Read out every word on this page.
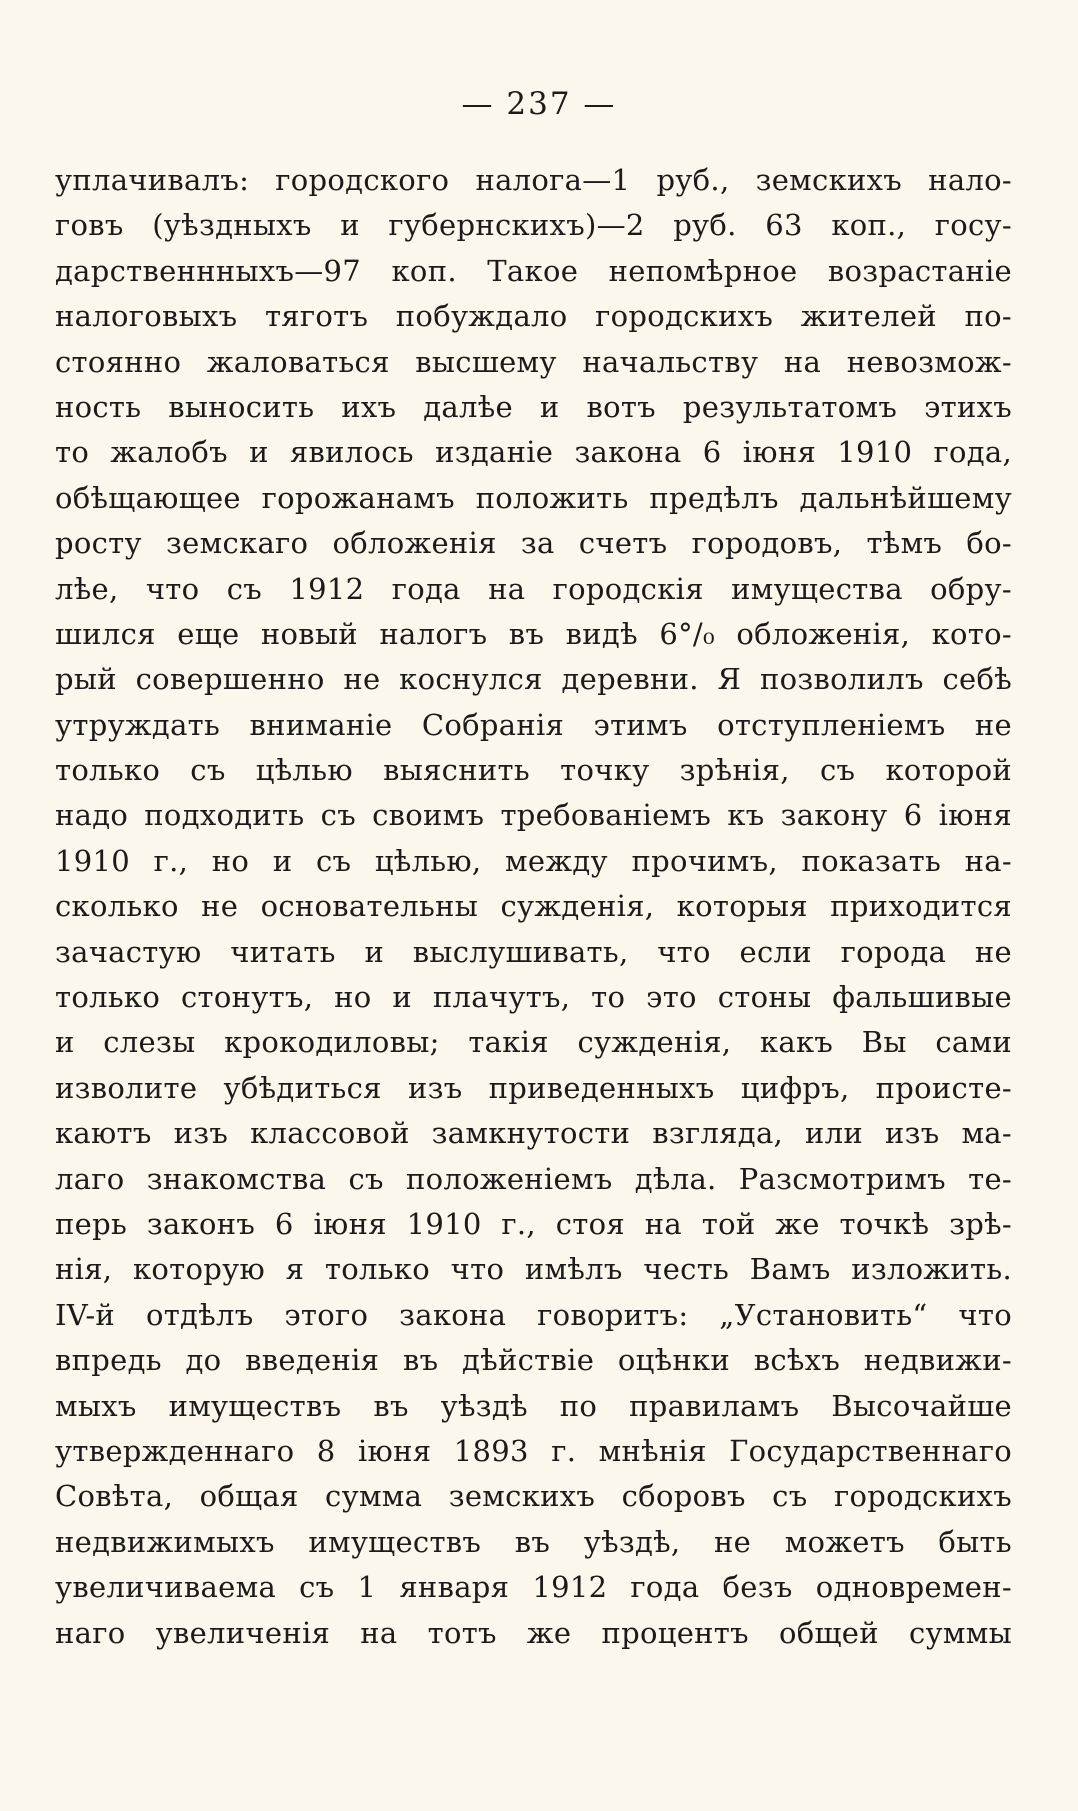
— 237 —
уплачивалъ: городского налога—1 руб., земскихъ нало-
говъ (уѣздныхъ и губернскихъ)—2 руб. 63 коп., госу-
дарственнныхъ—97 коп. Такое непомѣрное возрастаніе
налоговыхъ тяготъ побуждало городскихъ жителей по-
стоянно жаловаться высшему начальству на невозмож-
ность выносить ихъ далѣе и вотъ результатомъ этихъ
то жалобъ и явилось изданіе закона 6 іюня 1910 года,
обѣщающее горожанамъ положить предѣлъ дальнѣйшему
росту земскаго обложенія за счетъ городовъ, тѣмъ бо-
лѣе, что съ 1912 года на городскія имущества обру-
шился еще новый налогъ въ видѣ 6°/₀ обложенія, кото-
рый совершенно не коснулся деревни. Я позволилъ себѣ
утруждать вниманіе Собранія этимъ отступленіемъ не
только съ цѣлью выяснить точку зрѣнія, съ которой
надо подходить съ своимъ требованіемъ къ закону 6 іюня
1910 г., но и съ цѣлью, между прочимъ, показать на-
сколько не основательны сужденія, которыя приходится
зачастую читать и выслушивать, что если города не
только стонутъ, но и плачутъ, то это стоны фальшивые
и слезы крокодиловы; такія сужденія, какъ Вы сами
изволите убѣдиться изъ приведенныхъ цифръ, происте-
каютъ изъ классовой замкнутости взгляда, или изъ ма-
лаго знакомства съ положеніемъ дѣла. Разсмотримъ те-
перь законъ 6 іюня 1910 г., стоя на той же точкѣ зрѣ-
нія, которую я только что имѣлъ честь Вамъ изложить.
IV-й отдѣлъ этого закона говоритъ: „Установить“ что
впредь до введенія въ дѣйствіе оцѣнки всѣхъ недвижи-
мыхъ имуществъ въ уѣздѣ по правиламъ Высочайше
утвержденнаго 8 іюня 1893 г. мнѣнія Государственнаго
Совѣта, общая сумма земскихъ сборовъ съ городскихъ
недвижимыхъ имуществъ въ уѣздѣ, не можетъ быть
увеличиваема съ 1 января 1912 года безъ одновремен-
наго увеличенія на тотъ же процентъ общей суммы
